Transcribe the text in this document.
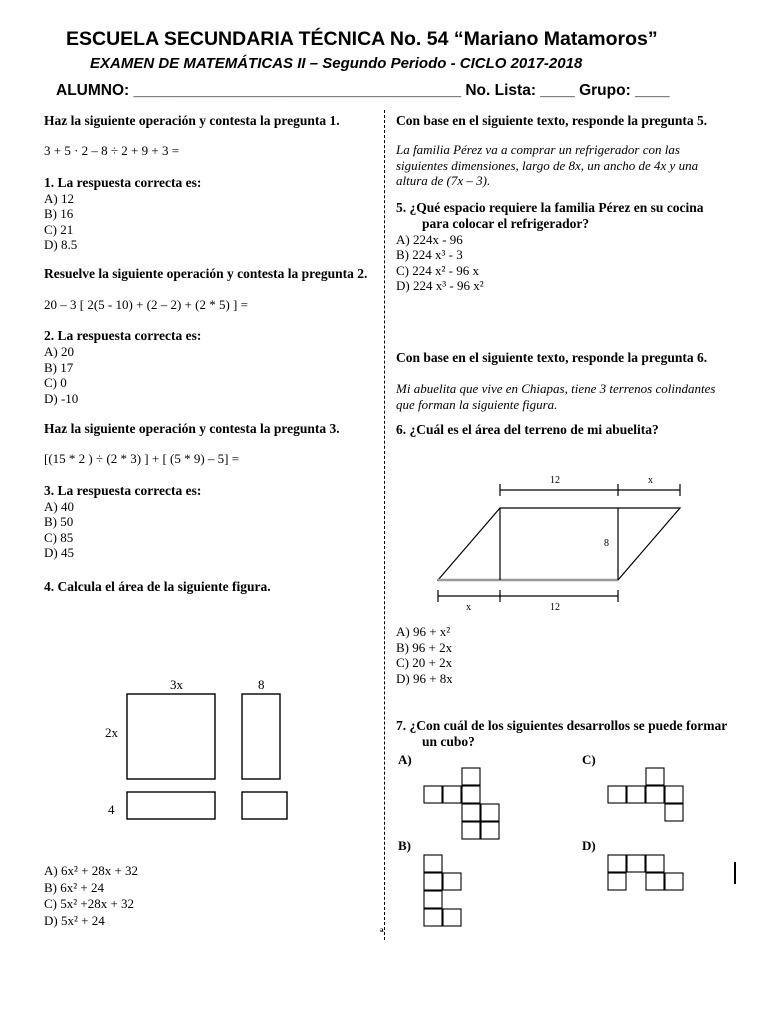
ESCUELA SECUNDARIA TÉCNICA No. 54 “Mariano Matamoros”
EXAMEN DE MATEMÁTICAS II – Segundo Periodo - CICLO 2017-2018
ALUMNO: ______________________________________ No. Lista: ____ Grupo: ____
Haz la siguiente operación y contesta la pregunta 1.
3 + 5 · 2 – 8 ÷ 2 + 9 + 3 =
1. La respuesta correcta es:
A) 12
B) 16
C) 21
D) 8.5
Resuelve la siguiente operación y contesta la pregunta 2.
20 – 3 [ 2(5 - 10) + (2 – 2) + (2 * 5) ] =
2. La respuesta correcta es:
A) 20
B) 17
C) 0
D) -10
Haz la siguiente operación y contesta la pregunta 3.
[(15 * 2 ) ÷ (2 * 3) ] + [ (5 * 9) – 5] =
3. La respuesta correcta es:
A) 40
B) 50
C) 85
D) 45
4. Calcula el área de la siguiente figura.
3x	8
2x
4
A) 6x² + 28x + 32
B) 6x² + 24
C) 5x² +28x + 32
D) 5x² + 24
Con base en el siguiente texto, responde la pregunta 5.
La familia Pérez va a comprar un refrigerador con las siguientes dimensiones, largo de 8x, un ancho de 4x y una altura de (7x – 3).
5. ¿Qué espacio requiere la familia Pérez en su cocina para colocar el refrigerador?
A) 224x - 96
B) 224 x³ - 3
C) 224 x² - 96 x
D) 224 x³ - 96 x²
Con base en el siguiente texto, responde la pregunta 6.
Mi abuelita que vive en Chiapas, tiene 3 terrenos colindantes que forman la siguiente figura.
6. ¿Cuál es el área del terreno de mi abuelita?
12	x
8
x	12
A) 96 + x²
B) 96 + 2x
C) 20 + 2x
D) 96 + 8x
7. ¿Con cuál de los siguientes desarrollos se puede formar un cubo?
A)	C)
B)	D)
ª
